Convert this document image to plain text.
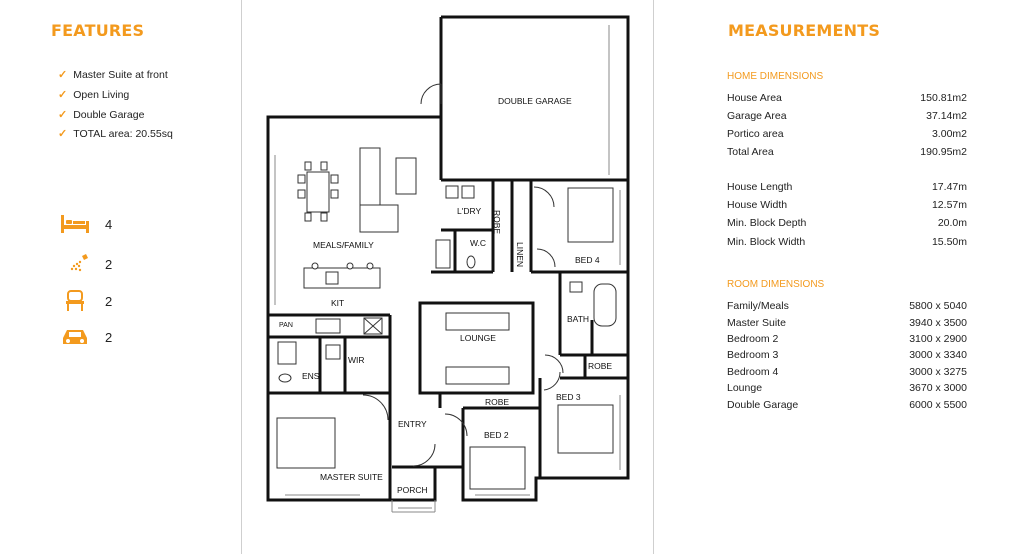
FEATURES
✓ Master Suite at front
✓ Open Living
✓ Double Garage
✓ TOTAL area: 20.55sq
4
2
2
2
DOUBLE GARAGE
L'DRY ROBE
W.C	LINEN	BED 4
MEALS/FAMILY
KIT
PAN
LOUNGE
BATH
ROBE
ENS
WIR
BED 3
ROBE
ENTRY
BED 2
MASTER SUITE
PORCH
MEASUREMENTS
HOME DIMENSIONS
House Area	150.81m2
Garage Area	37.14m2
Portico area	3.00m2
Total Area	190.95m2
House Length	17.47m
House Width	12.57m
Min. Block Depth	20.0m
Min. Block Width	15.50m
ROOM DIMENSIONS
Family/Meals	5800 x 5040
Master Suite	3940 x 3500
Bedroom 2	3100 x 2900
Bedroom 3	3000 x 3340
Bedroom 4	3000 x 3275
Lounge	3670 x 3000
Double Garage	6000 x 5500
